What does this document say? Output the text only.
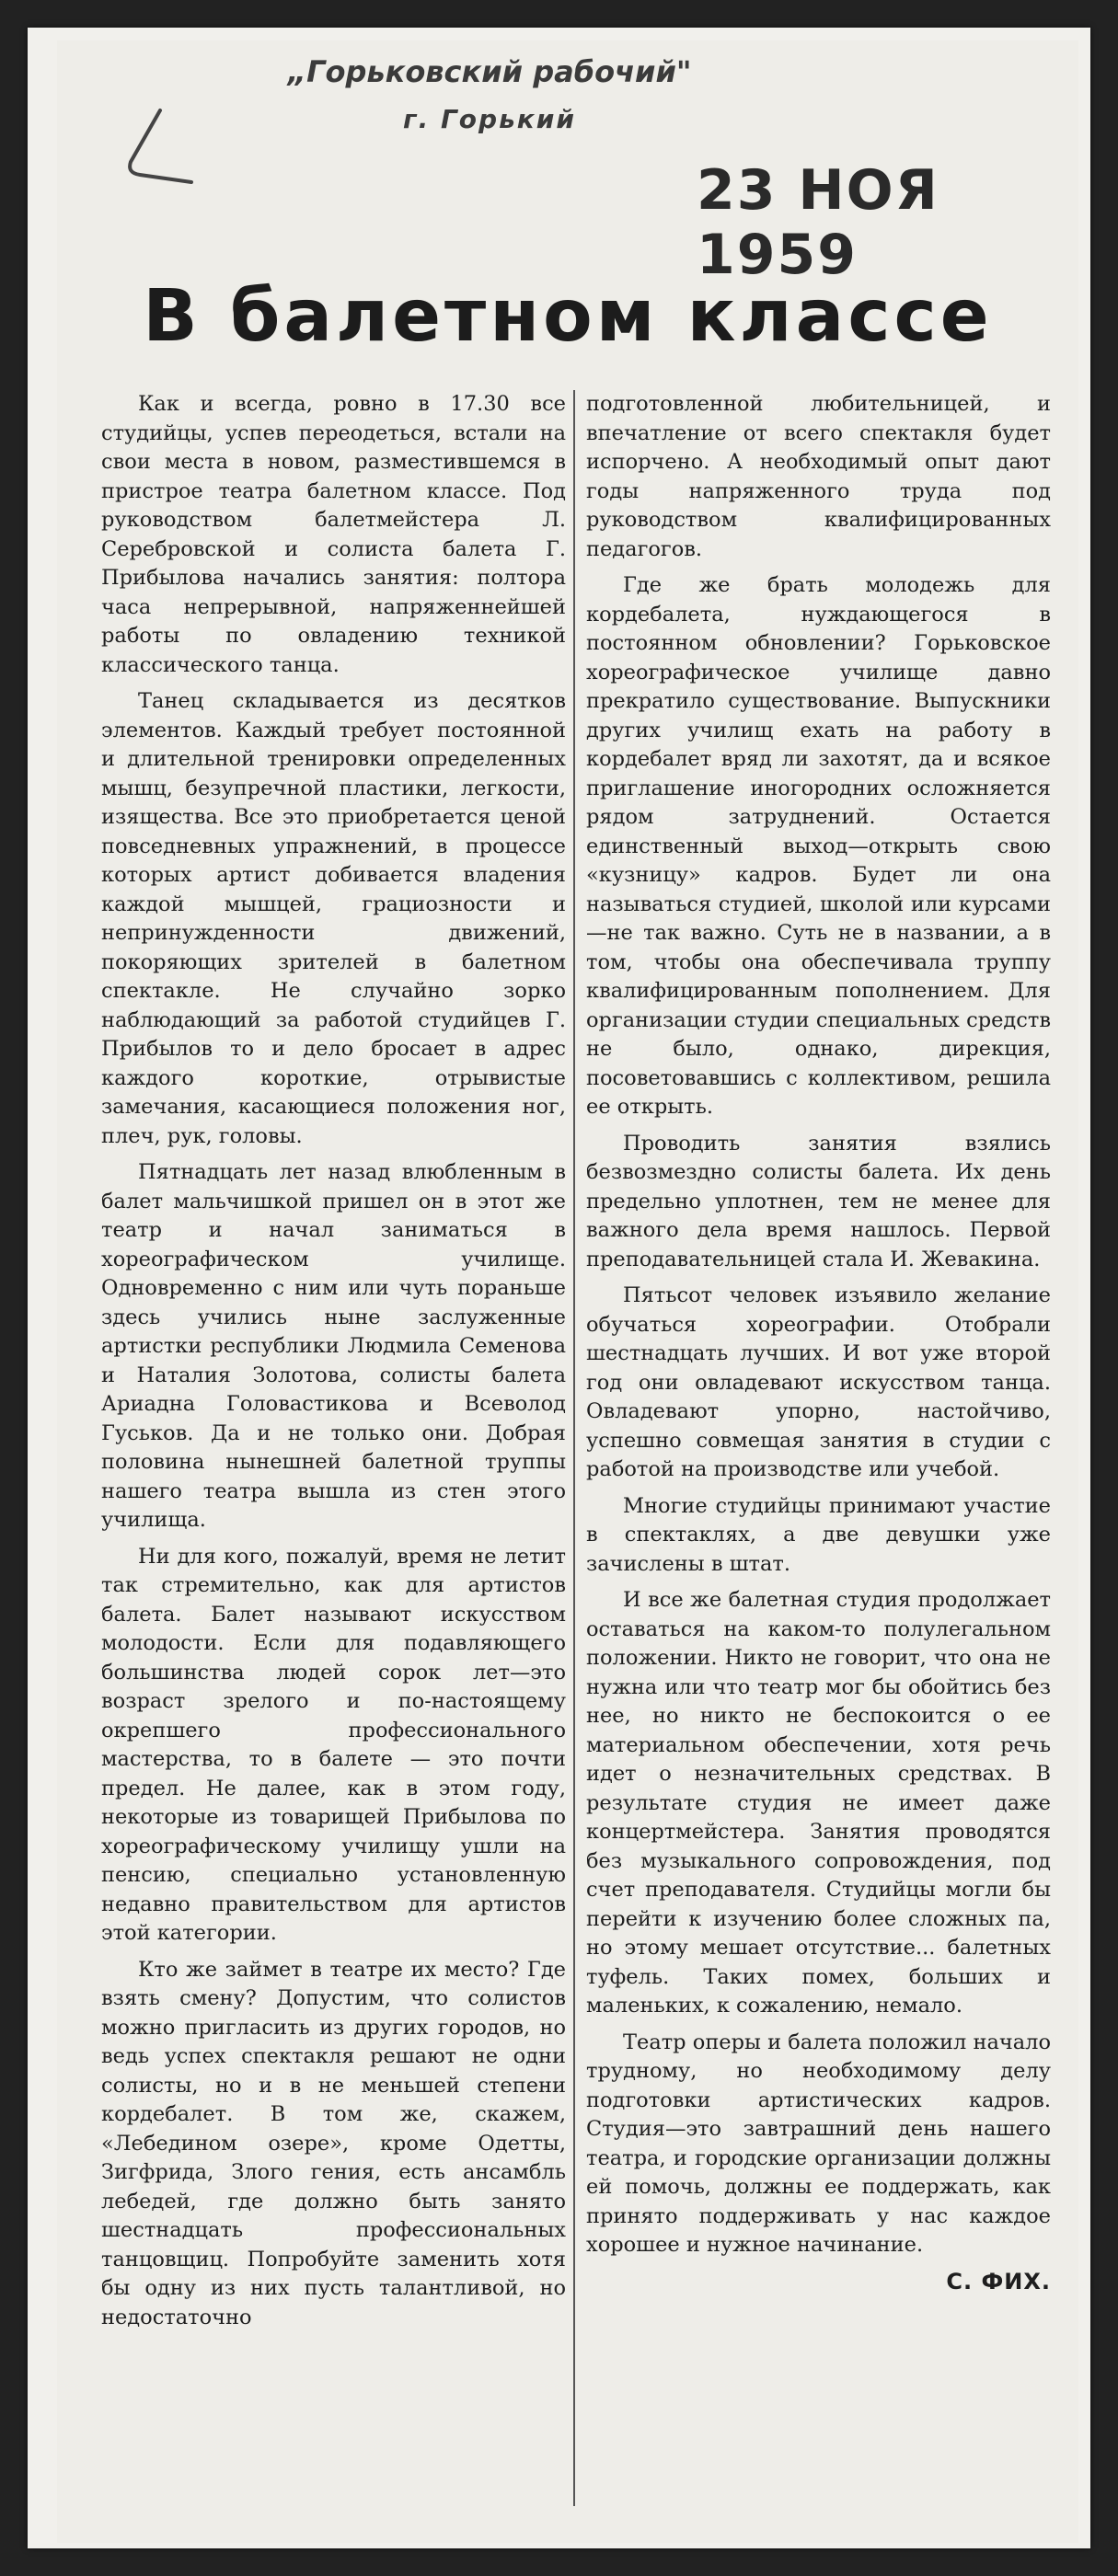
„Горьковский рабочий"
г. Горький
23 НОЯ 1959
В балетном классе

Как и всегда, ровно в 17.30 все студийцы, успев переодеться, встали на свои места в новом, разместившемся в пристрое театра балетном классе. Под руководством балетмейстера Л. Серебровской и солиста балета Г. Прибылова начались занятия: полтора часа непрерывной, напряженнейшей работы по овладению техникой классического танца.

Танец складывается из десятков элементов. Каждый требует постоянной и длительной тренировки определенных мышц, безупречной пластики, легкости, изящества. Все это приобретается ценой повседневных упражнений, в процессе которых артист добивается владения каждой мышцей, грациозности и непринужденности движений, покоряющих зрителей в балетном спектакле. Не случайно зорко наблюдающий за работой студийцев Г. Прибылов то и дело бросает в адрес каждого короткие, отрывистые замечания, касающиеся положения ног, плеч, рук, головы.

Пятнадцать лет назад влюбленным в балет мальчишкой пришел он в этот же театр и начал заниматься в хореографическом училище. Одновременно с ним или чуть пораньше здесь учились ныне заслуженные артистки республики Людмила Семенова и Наталия Золотова, солисты балета Ариадна Головастикова и Всеволод Гуськов. Да и не только они. Добрая половина нынешней балетной труппы нашего театра вышла из стен этого училища.

Ни для кого, пожалуй, время не летит так стремительно, как для артистов балета. Балет называют искусством молодости. Если для подавляющего большинства людей сорок лет—это возраст зрелого и по-настоящему окрепшего профессионального мастерства, то в балете — это почти предел. Не далее, как в этом году, некоторые из товарищей Прибылова по хореографическому училищу ушли на пенсию, специально установленную недавно правительством для артистов этой категории.

Кто же займет в театре их место? Где взять смену? Допустим, что солистов можно пригласить из других городов, но ведь успех спектакля решают не одни солисты, но и в не меньшей степени кордебалет. В том же, скажем, «Лебедином озере», кроме Одетты, Зигфрида, Злого гения, есть ансамбль лебедей, где должно быть занято шестнадцать профессиональных танцовщиц. Попробуйте заменить хотя бы одну из них пусть талантливой, но недостаточно

подготовленной любительницей, и впечатление от всего спектакля будет испорчено. А необходимый опыт дают годы напряженного труда под руководством квалифицированных педагогов.

Где же брать молодежь для кордебалета, нуждающегося в постоянном обновлении? Горьковское хореографическое училище давно прекратило существование. Выпускники других училищ ехать на работу в кордебалет вряд ли захотят, да и всякое приглашение иногородних осложняется рядом затруднений. Остается единственный выход—открыть свою «кузницу» кадров. Будет ли она называться студией, школой или курсами—не так важно. Суть не в названии, а в том, чтобы она обеспечивала труппу квалифицированным пополнением. Для организации студии специальных средств не было, однако, дирекция, посоветовавшись с коллективом, решила ее открыть.

Проводить занятия взялись безвозмездно солисты балета. Их день предельно уплотнен, тем не менее для важного дела время нашлось. Первой преподавательницей стала И. Жевакина.

Пятьсот человек изъявило желание обучаться хореографии. Отобрали шестнадцать лучших. И вот уже второй год они овладевают искусством танца. Овладевают упорно, настойчиво, успешно совмещая занятия в студии с работой на производстве или учебой.

Многие студийцы принимают участие в спектаклях, а две девушки уже зачислены в штат.

И все же балетная студия продолжает оставаться на каком-то полулегальном положении. Никто не говорит, что она не нужна или что театр мог бы обойтись без нее, но никто не беспокоится о ее материальном обеспечении, хотя речь идет о незначительных средствах. В результате студия не имеет даже концертмейстера. Занятия проводятся без музыкального сопровождения, под счет преподавателя. Студийцы могли бы перейти к изучению более сложных па, но этому мешает отсутствие... балетных туфель. Таких помех, больших и маленьких, к сожалению, немало.

Театр оперы и балета положил начало трудному, но необходимому делу подготовки артистических кадров. Студия—это завтрашний день нашего театра, и городские организации должны ей помочь, должны ее поддержать, как принято поддерживать у нас каждое хорошее и нужное начинание.

С. ФИХ.
